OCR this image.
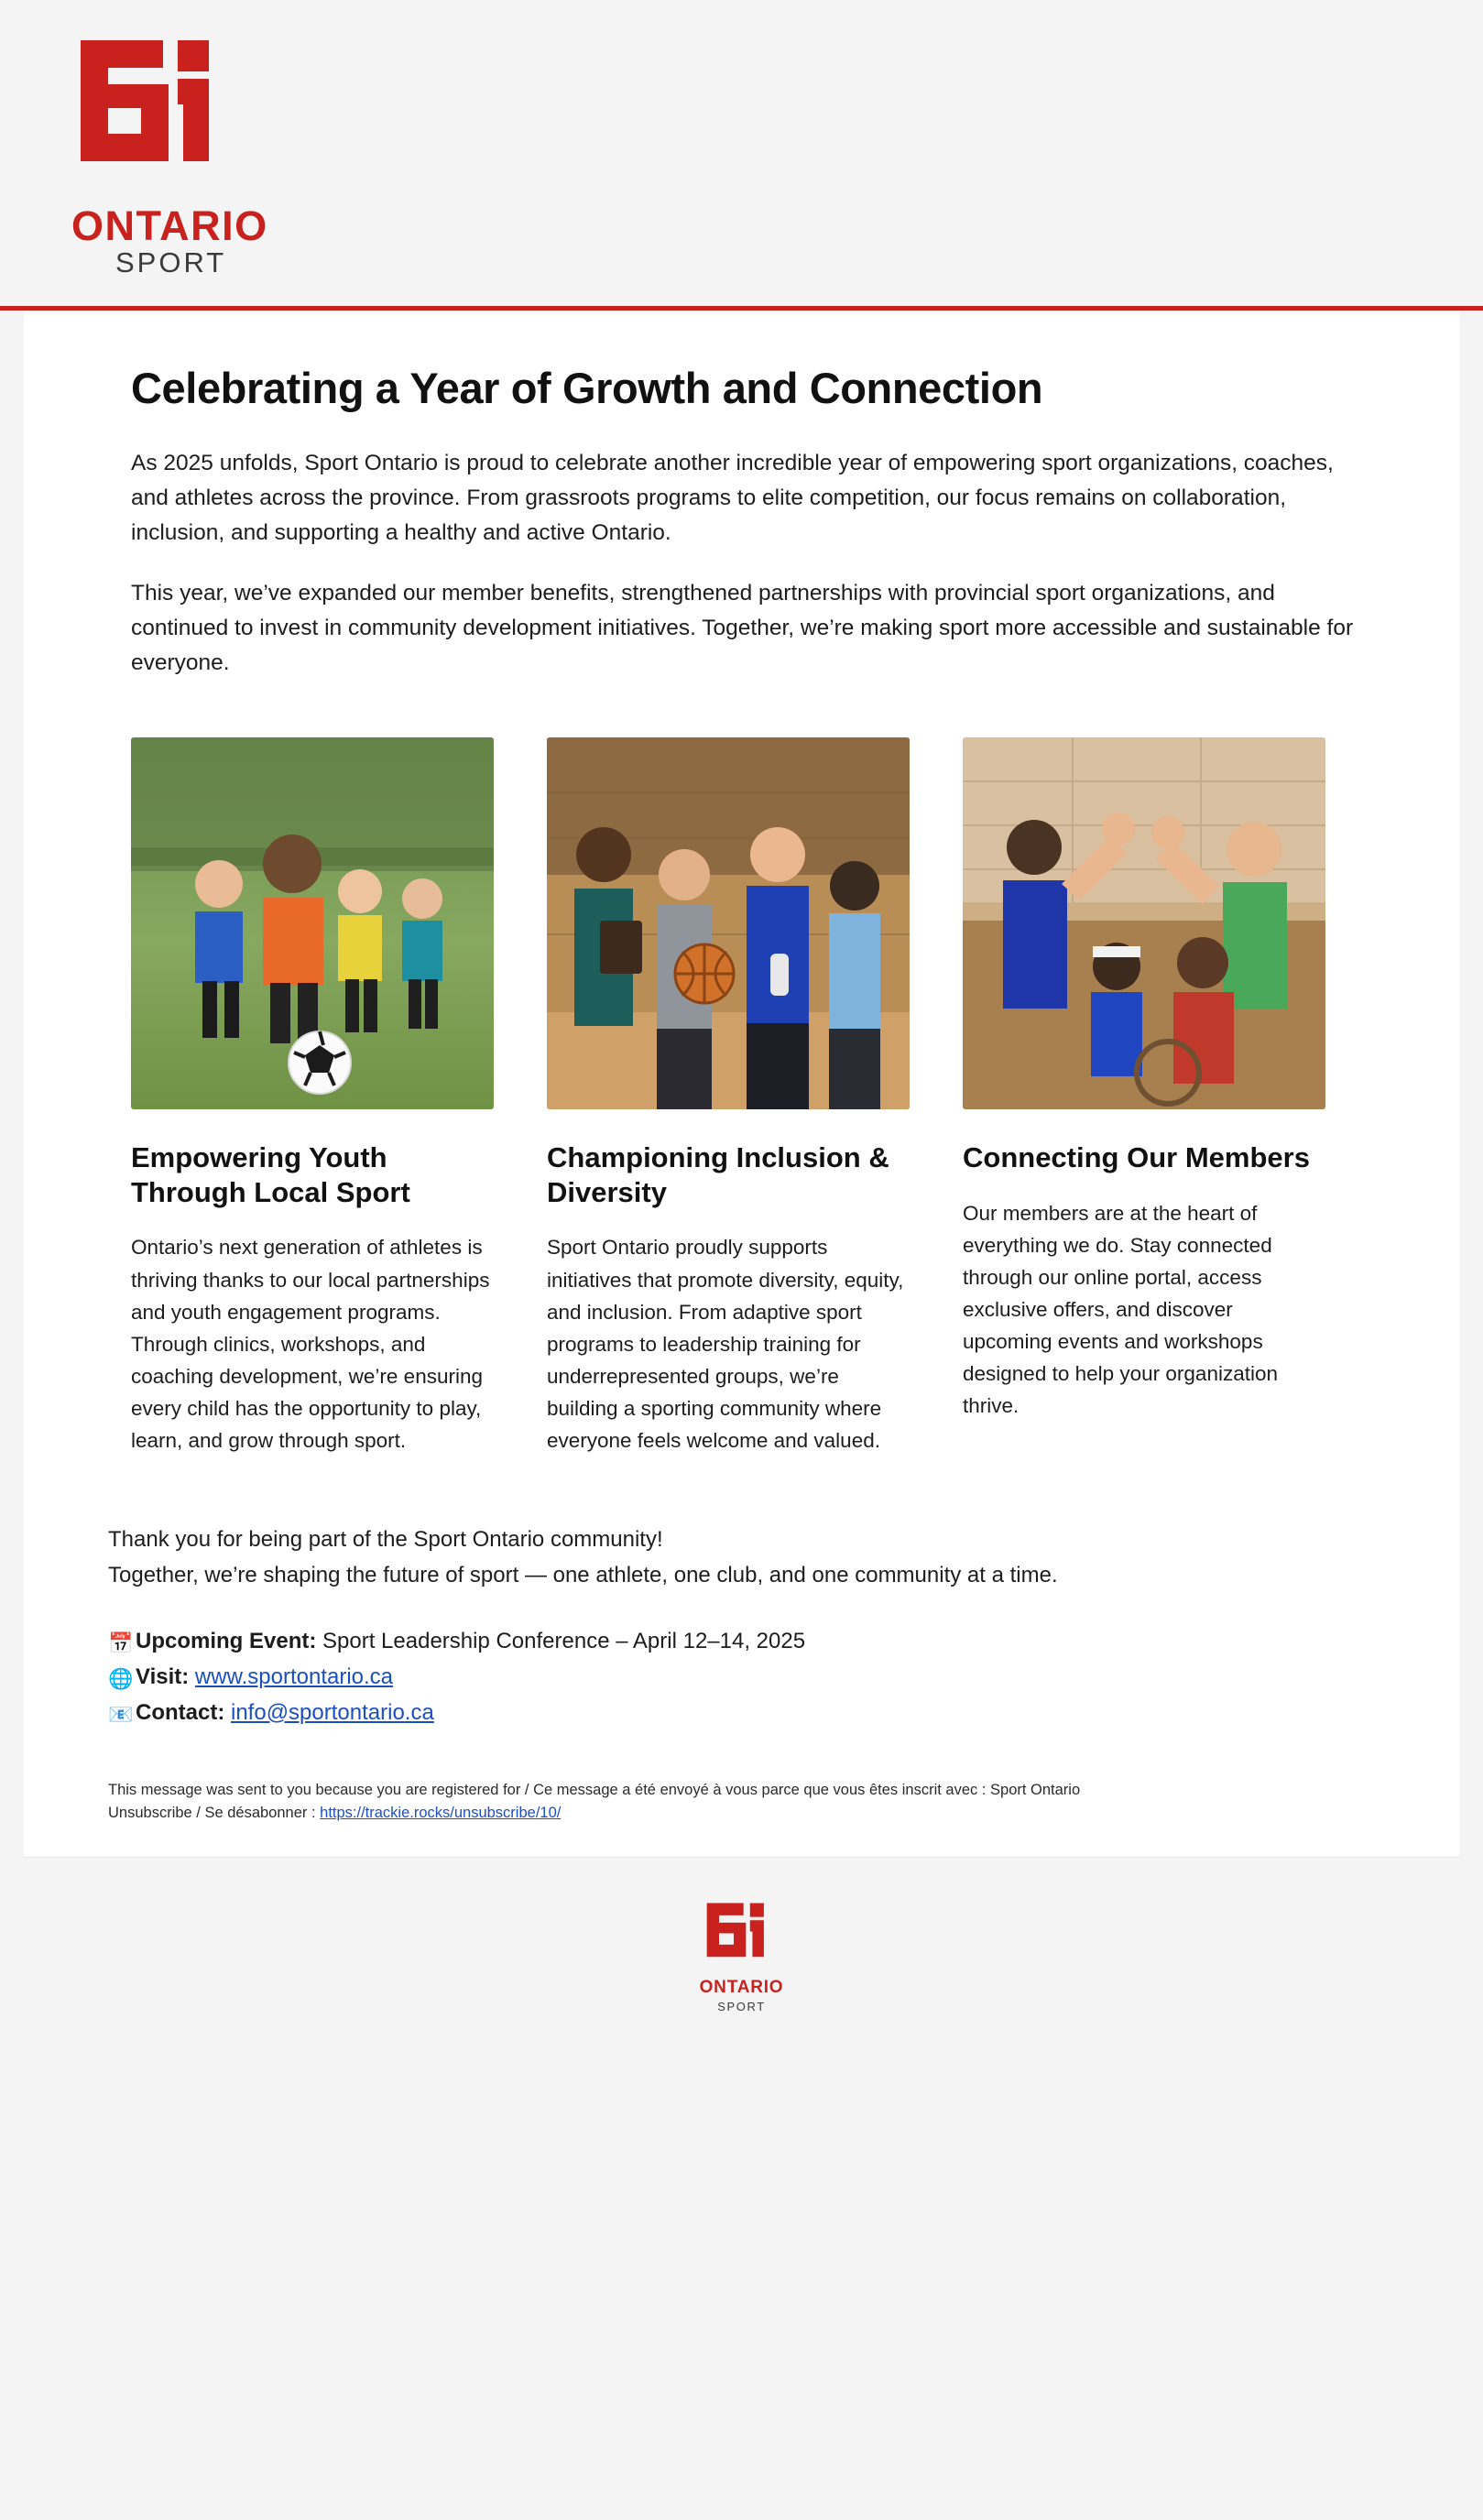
ONTARIO
SPORT
Celebrating a Year of Growth and Connection

As 2025 unfolds, Sport Ontario is proud to celebrate another incredible year of empowering sport organizations, coaches, and athletes across the province. From grassroots programs to elite competition, our focus remains on collaboration, inclusion, and supporting a healthy and active Ontario.

This year, we’ve expanded our member benefits, strengthened partnerships with provincial sport organizations, and continued to invest in community development initiatives. Together, we’re making sport more accessible and sustainable for everyone.

Empowering Youth Through Local Sport

Ontario’s next generation of athletes is thriving thanks to our local partnerships and youth engagement programs. Through clinics, workshops, and coaching development, we’re ensuring every child has the opportunity to play, learn, and grow through sport.

Championing Inclusion & Diversity

Sport Ontario proudly supports initiatives that promote diversity, equity, and inclusion. From adaptive sport programs to leadership training for underrepresented groups, we’re building a sporting community where everyone feels welcome and valued.

Connecting Our Members

Our members are at the heart of everything we do. Stay connected through our online portal, access exclusive offers, and discover upcoming events and workshops designed to help your organization thrive.

Thank you for being part of the Sport Ontario community!
Together, we’re shaping the future of sport — one athlete, one club, and one community at a time.
📅 Upcoming Event: Sport Leadership Conference – April 12–14, 2025
🌐 Visit: www.sportontario.ca
📧 Contact: info@sportontario.ca
This message was sent to you because you are registered for / Ce message a été envoyé à vous parce que vous êtes inscrit avec : Sport Ontario
Unsubscribe / Se désabonner : https://trackie.rocks/unsubscribe/10/
ONTARIO
SPORT
